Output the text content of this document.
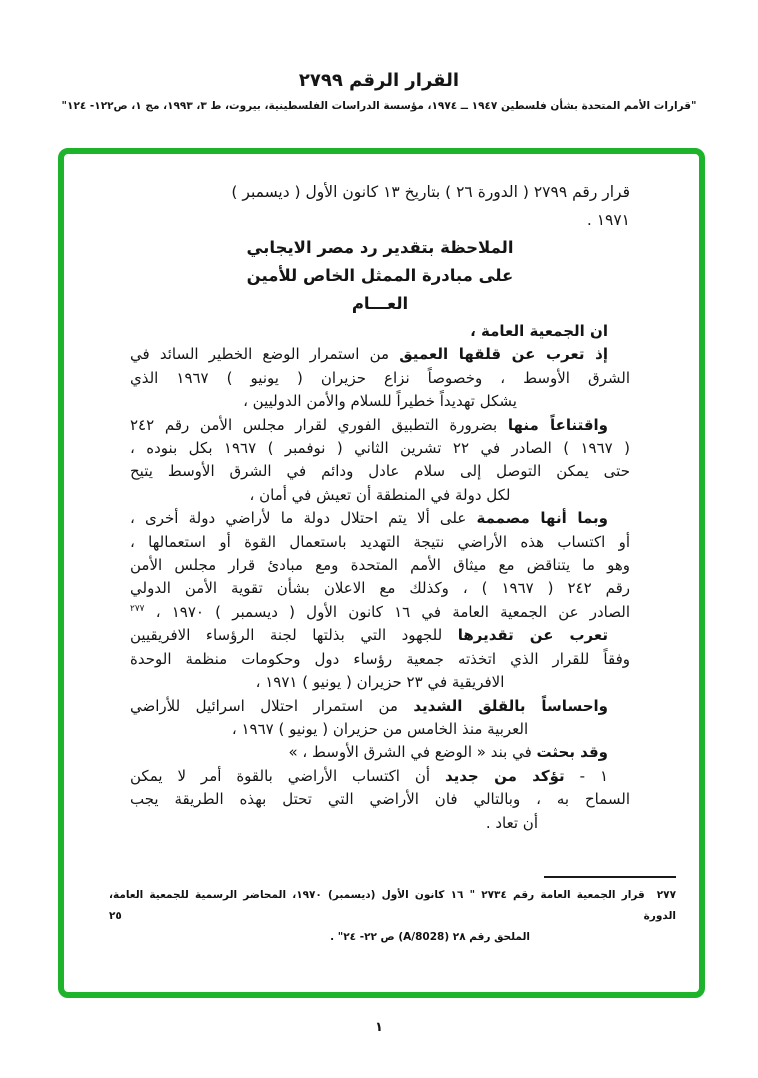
القرار الرقم ٢٧٩٩
"قرارات الأمم المتحدة بشأن فلسطين ١٩٤٧ ــ ١٩٧٤، مؤسسة الدراسات الفلسطينية، بيروت، ط ٣، ١٩٩٣، مج ١، ص١٢٢- ١٢٤"
قرار رقم ٢٧٩٩ ( الدورة ٢٦ ) بتاريخ ١٣ كانون الأول ( ديسمبر )
١٩٧١ .
الملاحظة بتقدير رد مصر الايجابي
على مبادرة الممثل الخاص للأمين
العـــام
ان الجمعية العامة ،
إذ تعرب عن قلقها العميق من استمرار الوضع الخطير السائد في
الشرق الأوسط ، وخصوصاً نزاع حزيران ( يونيو ) ١٩٦٧ الذي
يشكل تهديداً خطيراً للسلام والأمن الدوليين ،
واقتناعاً منها بضرورة التطبيق الفوري لقرار مجلس الأمن رقم ٢٤٢
( ١٩٦٧ ) الصادر في ٢٢ تشرين الثاني ( نوفمبر ) ١٩٦٧ بكل بنوده ،
حتى يمكن التوصل إلى سلام عادل ودائم في الشرق الأوسط يتيح
لكل دولة في المنطقة أن تعيش في أمان ،
وبما أنها مصممة على ألا يتم احتلال دولة ما لأراضي دولة أخرى ،
أو اكتساب هذه الأراضي نتيجة التهديد باستعمال القوة أو استعمالها ،
وهو ما يتناقض مع ميثاق الأمم المتحدة ومع مبادئ قرار مجلس الأمن
رقم ٢٤٢ ( ١٩٦٧ ) ، وكذلك مع الاعلان بشأن تقوية الأمن الدولي
الصادر عن الجمعية العامة في ١٦ كانون الأول ( ديسمبر ) ١٩٧٠ ، $^{٢٧٧}$
تعرب عن تقديرها للجهود التي بذلتها لجنة الرؤساء الافريقيين
وفقاً للقرار الذي اتخذته جمعية رؤساء دول وحكومات منظمة الوحدة
الافريقية في ٢٣ حزيران ( يونيو ) ١٩٧١ ،
واحساساً بالقلق الشديد من استمرار احتلال اسرائيل للأراضي
العربية منذ الخامس من حزيران ( يونيو ) ١٩٦٧ ،
وقد بحثت في بند « الوضع في الشرق الأوسط ، »
١ - تؤكد من جديد أن اكتساب الأراضي بالقوة أمر لا يمكن
السماح به ، وبالتالي فان الأراضي التي تحتل بهذه الطريقة يجب
أن تعاد .
٢٧٧قرار الجمعية العامة رقم ٢٧٣٤ " ١٦ كانون الأول (ديسمبر) ١٩٧٠، المحاضر الرسمية للجمعية العامة، الدورة ٢٥
الملحق رقم ٢٨ (A/8028) ص ٢٢- ٢٤" .
١
